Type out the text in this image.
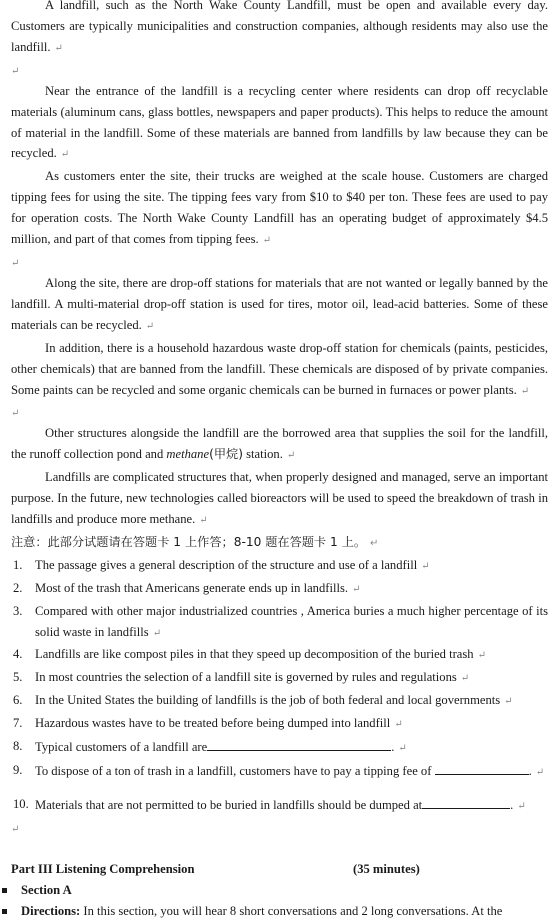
A landfill, such as the North Wake County Landfill, must be open and available every day. Customers are typically municipalities and construction companies, although residents may also use the landfill. ↵

↵

Near the entrance of the landfill is a recycling center where residents can drop off recyclable materials (aluminum cans, glass bottles, newspapers and paper products). This helps to reduce the amount of material in the landfill. Some of these materials are banned from landfills by law because they can be recycled. ↵

As customers enter the site, their trucks are weighed at the scale house. Customers are charged tipping fees for using the site. The tipping fees vary from $10 to $40 per ton. These fees are used to pay for operation costs. The North Wake County Landfill has an operating budget of approximately $4.5 million, and part of that comes from tipping fees. ↵

↵

Along the site, there are drop-off stations for materials that are not wanted or legally banned by the landfill. A multi-material drop-off station is used for tires, motor oil, lead-acid batteries. Some of these materials can be recycled. ↵

In addition, there is a household hazardous waste drop-off station for chemicals (paints, pesticides, other chemicals) that are banned from the landfill. These chemicals are disposed of by private companies. Some paints can be recycled and some organic chemicals can be burned in furnaces or power plants. ↵

↵

Other structures alongside the landfill are the borrowed area that supplies the soil for the landfill, the runoff collection pond and methane(甲烷) station. ↵

Landfills are complicated structures that, when properly designed and managed, serve an important purpose. In the future, new technologies called bioreactors will be used to speed the breakdown of trash in landfills and produce more methane. ↵

注意：此部分试题请在答题卡 1 上作答；8-10 题在答题卡 1 上。 ↵

1. The passage gives a general description of the structure and use of a landfill ↵
2. Most of the trash that Americans generate ends up in landfills. ↵
3. Compared with other major industrialized countries , America buries a much higher percentage of its solid waste in landfills ↵
4. Landfills are like compost piles in that they speed up decomposition of the buried trash ↵
5. In most countries the selection of a landfill site is governed by rules and regulations ↵
6. In the United States the building of landfills is the job of both federal and local governments ↵
7. Hazardous wastes have to be treated before being dumped into landfill ↵
8. Typical customers of a landfill are	. ↵
9. To dispose of a ton of trash in a landfill, customers have to pay a tipping fee of	. ↵
10. Materials that are not permitted to be buried in landfills should be dumped at	. ↵
↵
Part III Listening Comprehension	(35 minutes)
Section A
Directions: In this section, you will hear 8 short conversations and 2 long conversations. At the
